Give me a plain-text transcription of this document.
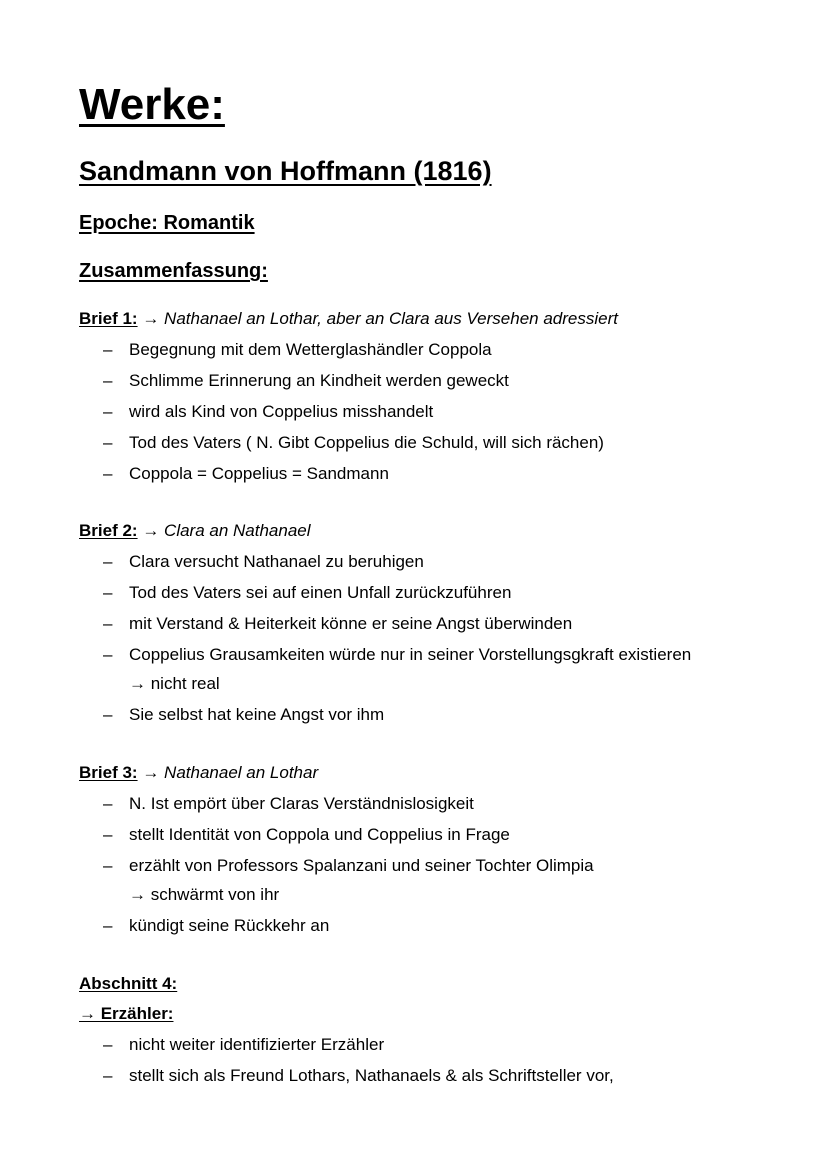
Werke:
Sandmann von Hoffmann (1816)
Epoche: Romantik
Zusammenfassung:
Brief 1: → Nathanael an Lothar, aber an Clara aus Versehen adressiert
– Begegnung mit dem Wetterglashändler Coppola
– Schlimme Erinnerung an Kindheit werden geweckt
– wird als Kind von Coppelius misshandelt
– Tod des Vaters ( N. Gibt Coppelius die Schuld, will sich rächen)
– Coppola = Coppelius = Sandmann
Brief 2: → Clara an Nathanael
– Clara versucht Nathanael zu beruhigen
– Tod des Vaters sei auf einen Unfall zurückzuführen
– mit Verstand & Heiterkeit könne er seine Angst überwinden
– Coppelius Grausamkeiten würde nur in seiner Vorstellungsgkraft existieren
→ nicht real
– Sie selbst hat keine Angst vor ihm
Brief 3: → Nathanael an Lothar
– N. Ist empört über Claras Verständnislosigkeit
– stellt Identität von Coppola und Coppelius in Frage
– erzählt von Professors Spalanzani und seiner Tochter Olimpia
→ schwärmt von ihr
– kündigt seine Rückkehr an
Abschnitt 4:
→ Erzähler:
– nicht weiter identifizierter Erzähler
– stellt sich als Freund Lothars, Nathanaels & als Schriftsteller vor,
